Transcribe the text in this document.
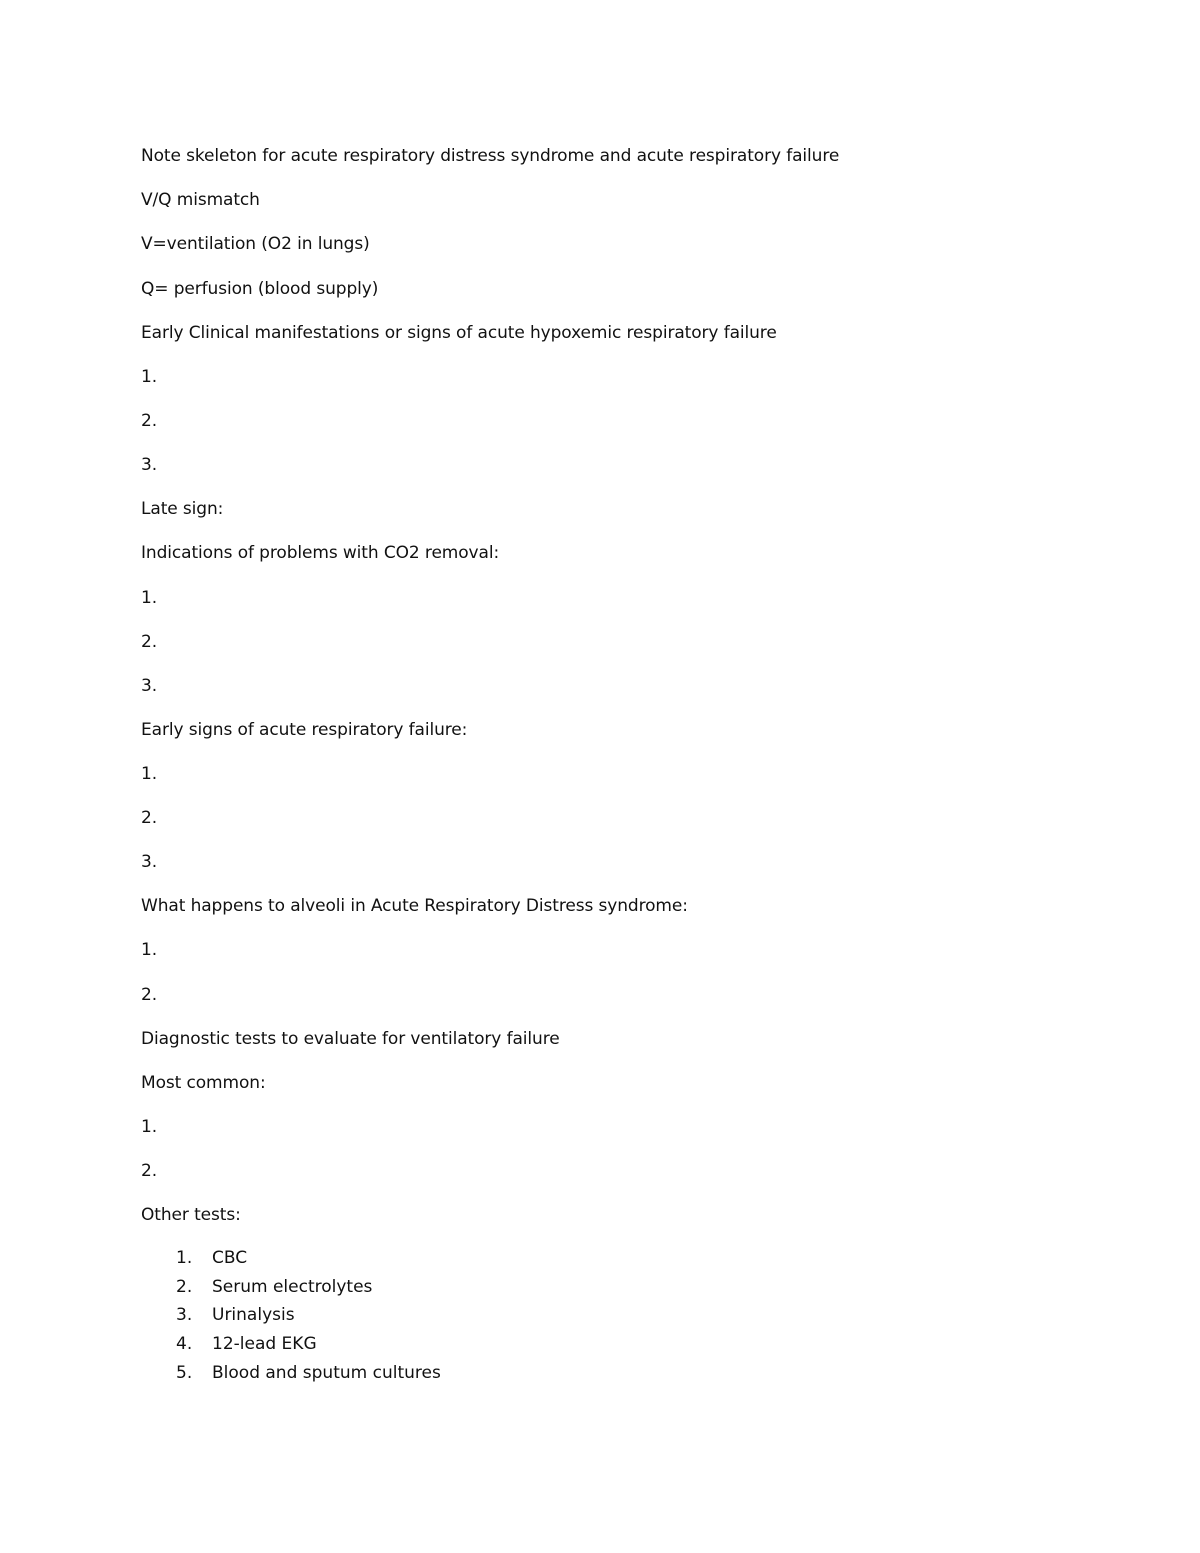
Note skeleton for acute respiratory distress syndrome and acute respiratory failure
V/Q mismatch
V=ventilation (O2 in lungs)
Q= perfusion (blood supply)
Early Clinical manifestations or signs of acute hypoxemic respiratory failure
1.
2.
3.
Late sign:
Indications of problems with CO2 removal:
1.
2.
3.
Early signs of acute respiratory failure:
1.
2.
3.
What happens to alveoli in Acute Respiratory Distress syndrome:
1.
2.
Diagnostic tests to evaluate for ventilatory failure
Most common:
1.
2.
Other tests:
1.	CBC
2.	Serum electrolytes
3.	Urinalysis
4.	12-lead EKG
5.	Blood and sputum cultures
